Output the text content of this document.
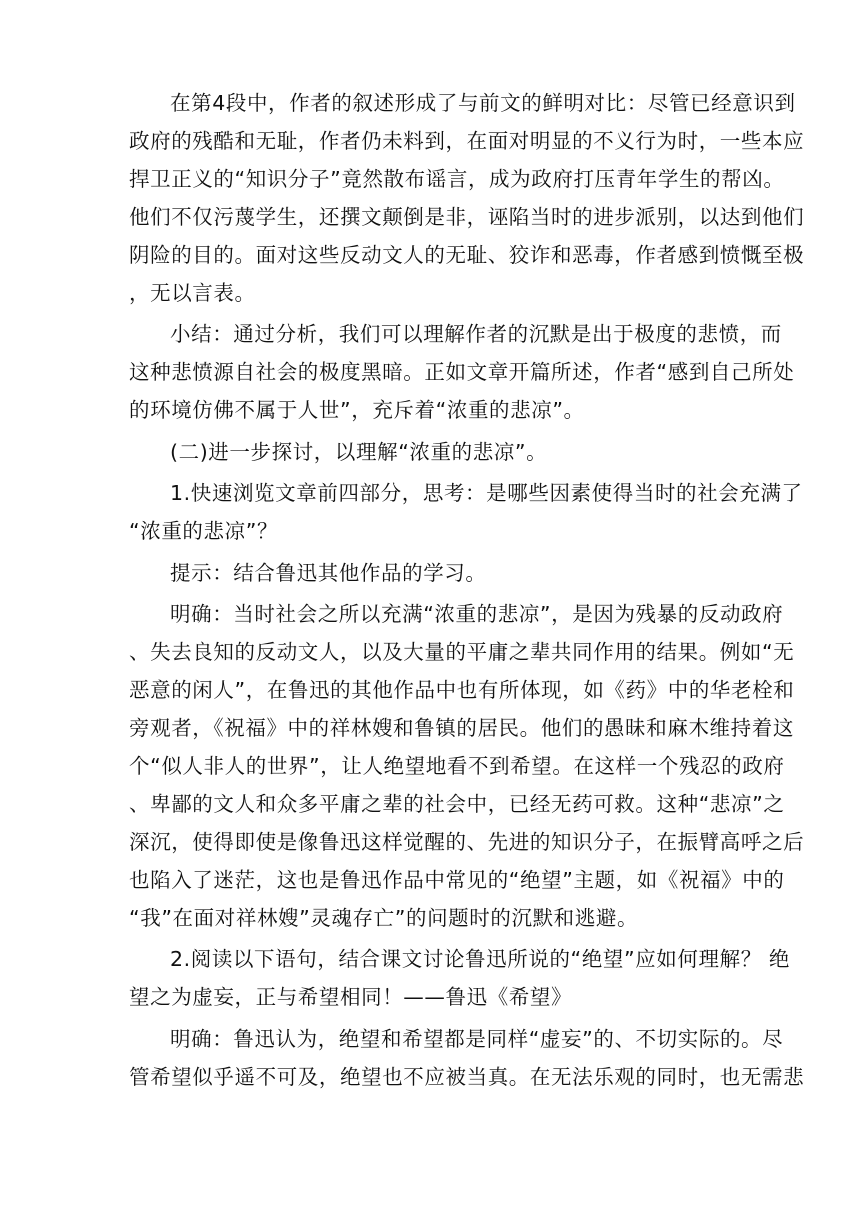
在第4段中，作者的叙述形成了与前文的鲜明对比：尽管已经意识到
政府的残酷和无耻，作者仍未料到，在面对明显的不义行为时，一些本应
捍卫正义的“知识分子”竟然散布谣言，成为政府打压青年学生的帮凶。
他们不仅污蔑学生，还撰文颠倒是非，诬陷当时的进步派别，以达到他们
阴险的目的。面对这些反动文人的无耻、狡诈和恶毒，作者感到愤慨至极
，无以言表。
小结：通过分析，我们可以理解作者的沉默是出于极度的悲愤，而
这种悲愤源自社会的极度黑暗。正如文章开篇所述，作者“感到自己所处
的环境仿佛不属于人世”，充斥着“浓重的悲凉”。
(二)进一步探讨，以理解“浓重的悲凉”。
1.快速浏览文章前四部分，思考：是哪些因素使得当时的社会充满了
“浓重的悲凉”？
提示：结合鲁迅其他作品的学习。
明确：当时社会之所以充满“浓重的悲凉”，是因为残暴的反动政府
、失去良知的反动文人，以及大量的平庸之辈共同作用的结果。例如“无
恶意的闲人”，在鲁迅的其他作品中也有所体现，如《药》中的华老栓和
旁观者，《祝福》中的祥林嫂和鲁镇的居民。他们的愚昧和麻木维持着这
个“似人非人的世界”，让人绝望地看不到希望。在这样一个残忍的政府
、卑鄙的文人和众多平庸之辈的社会中，已经无药可救。这种“悲凉”之
深沉，使得即使是像鲁迅这样觉醒的、先进的知识分子，在振臂高呼之后
也陷入了迷茫，这也是鲁迅作品中常见的“绝望”主题，如《祝福》中的
“我”在面对祥林嫂”灵魂存亡”的问题时的沉默和逃避。
2.阅读以下语句，结合课文讨论鲁迅所说的“绝望”应如何理解？ 绝
望之为虚妄，正与希望相同！——鲁迅《希望》
明确：鲁迅认为，绝望和希望都是同样“虚妄”的、不切实际的。尽
管希望似乎遥不可及，绝望也不应被当真。在无法乐观的同时，也无需悲
